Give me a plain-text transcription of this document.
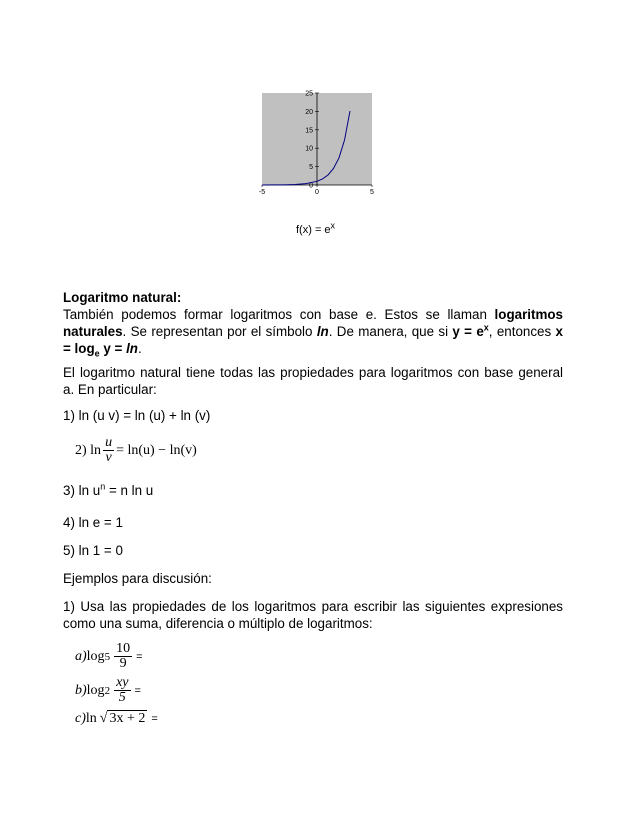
0
5
10
15
20
25
-5	0	5
$f(x) = e^x$
Logaritmo natural:

También podemos formar logaritmos con base e. Estos se llaman logaritmos naturales. Se representan por el símbolo ln. De manera, que si $y = e^x$, entonces $x = \log_e y = \ln$.

El logaritmo natural tiene todas las propiedades para logaritmos con base general a. En particular:

1) ln (u v) = ln (u) + ln (v)
2) $\ln \frac{u}{v} = \ln(u) - \ln(v)$
3) $\ln u^n = n$ ln u
4) ln e = 1
5) ln 1 = 0
Ejemplos para discusión:

1) Usa las propiedades de los logaritmos para escribir las siguientes expresiones como una suma, diferencia o múltiplo de logaritmos:

a) $\log 5 \frac{10}{9}$ =
b) $\log 2 \frac{xy}{5}$ =
c) ln √ 3x + 2 =
